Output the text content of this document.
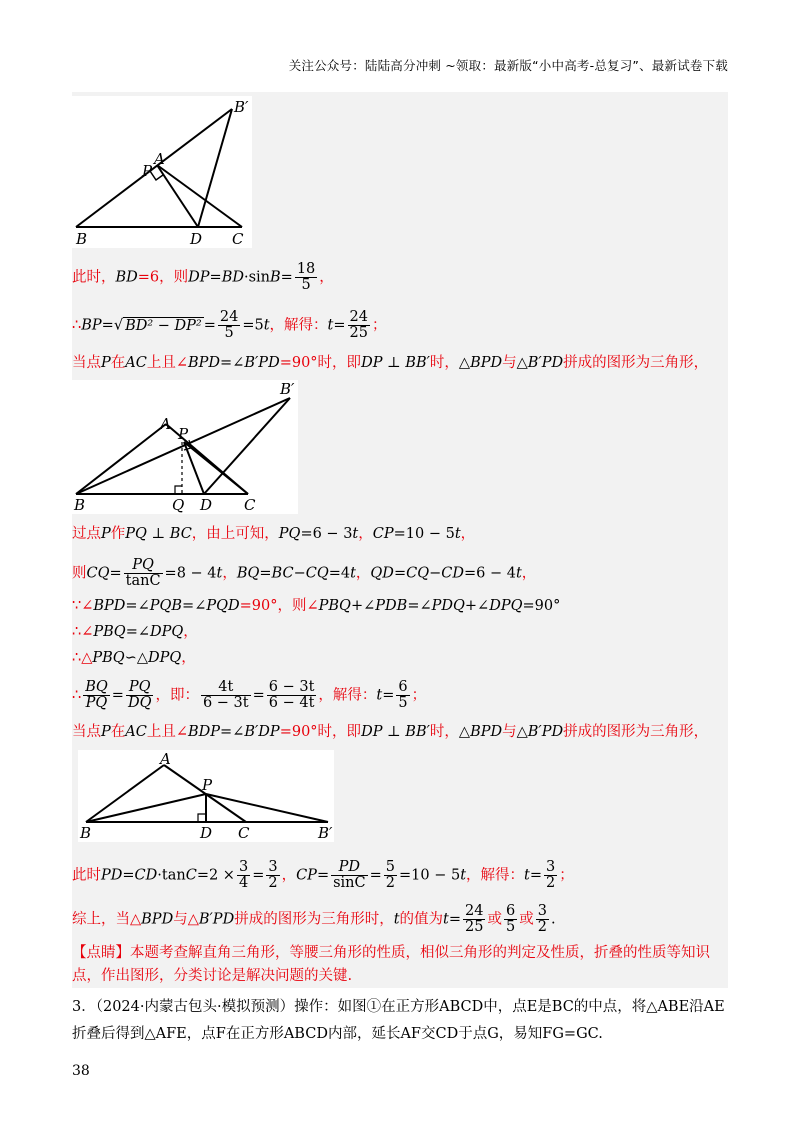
关注公众号：陆陆高分冲刺 ~领取：最新版“小中高考-总复习”、最新试卷下载
B	D C
P
A
B′
此时，BD=6，则$DP=BD\cdot\sin B= \frac{18}{5}$ ，
∴BP=√ $BD^2 - DP^2 = \frac{24}{5} =5t$，解得：$t= \frac{24}{25}$ ；
当点P在AC上且∠BPD=∠B′PD=90°时，即DP ⊥ BB′时，△BPD与△B′PD拼成的图形为三角形，
B	Q D C
A
P
B′
过点P作PQ ⊥ BC，由上可知，PQ=6 − 3t，CP=10 − 5t，
则$CQ= \frac{PQ}{\tan C} =8 - 4t$，BQ=BC−CQ=4t，QD=CQ−CD=6 − 4t，
∵∠BPD=∠PQB=∠PQD=90°，则∠PBQ+∠PDB=∠PDQ+∠DPQ=90°
∴∠PBQ=∠DPQ，
∴△PBQ∽△DPQ，
∴ $\frac{BQ}{PQ} = \frac{PQ}{DQ}$ ，即： $\frac{4t}{6 - 3t} = \frac{6 - 3t}{6 - 4t}$ ，解得：$t= \frac{6}{5}$ ；
当点P在AC上且∠BDP=∠B′DP=90°时，即DP ⊥ BB′时，△BPD与△B′PD拼成的图形为三角形，
B	D C
A
P
B′
此时$PD=CD\cdot\tan C=2 \times \frac{3}{4} = \frac{3}{2}$ ，$CP= \frac{PD}{\sin C} = \frac{5}{2} =10 - 5t$，解得：$t= \frac{3}{2}$ ；
综上，当△BPD与△B′PD拼成的图形为三角形时，t的值为$t= \frac{24}{25}$ 或 $\frac{6}{5}$ 或 $\frac{3}{2}$ .
【点睛】本题考查解直角三角形，等腰三角形的性质，相似三角形的判定及性质，折叠的性质等知识点，作出图形，分类讨论是解决问题的关键.
3．（2024·内蒙古包头·模拟预测）操作：如图①在正方形ABCD中，点E是BC的中点，将△ABE沿AE折叠后得到△AFE，点F在正方形ABCD内部，延长AF交CD于点G，易知FG=GC.
38
